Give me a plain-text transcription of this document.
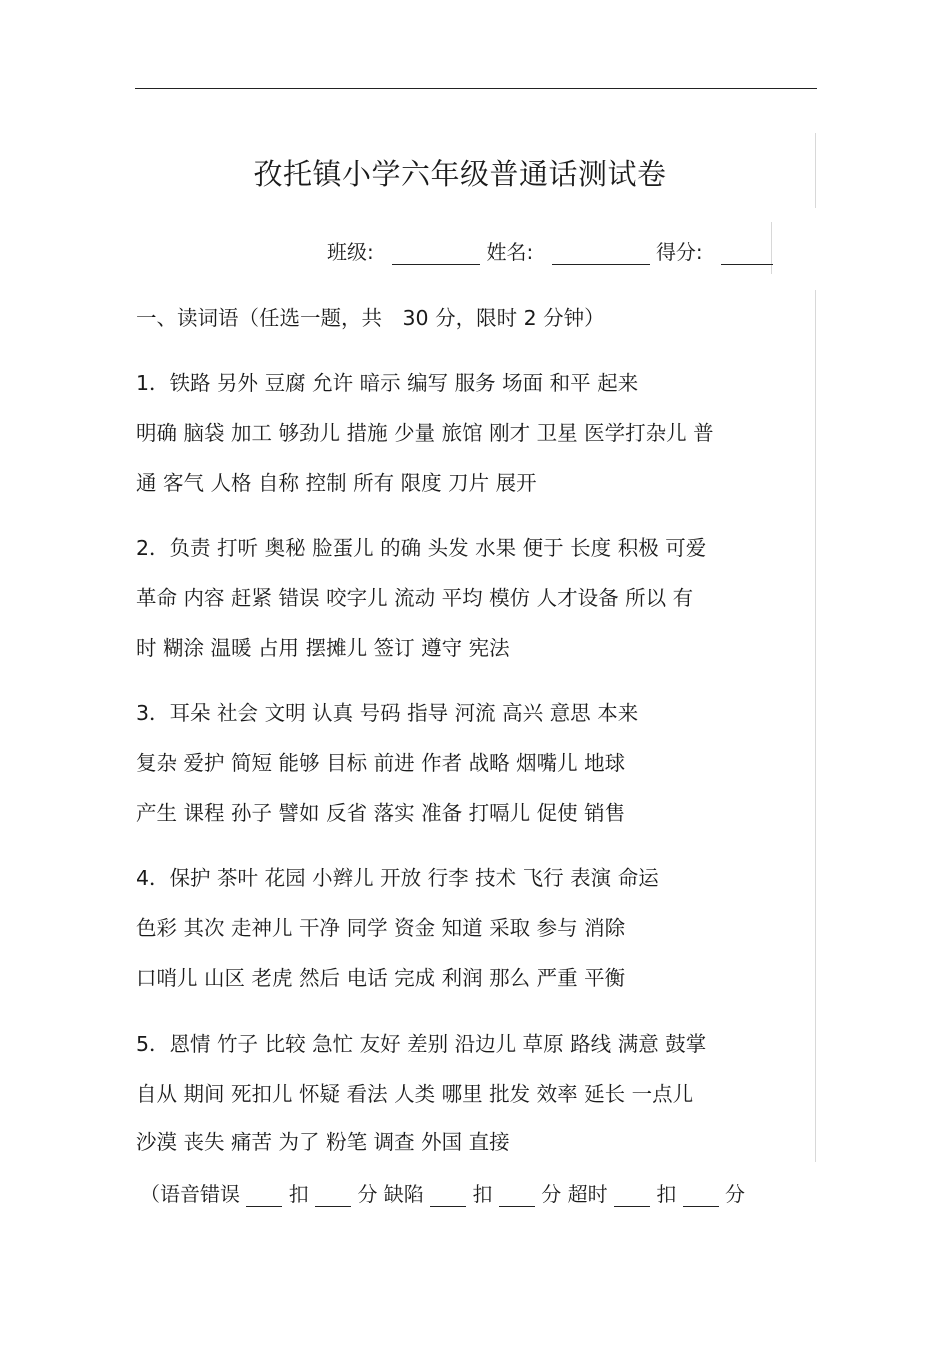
孜托镇小学六年级普通话测试卷
班级:	姓名:	得分:
一、读词语（任选一题，共　30 分，限时 2 分钟）
1．铁路 另外 豆腐 允许 暗示 编写 服务 场面 和平 起来
明确 脑袋 加工 够劲儿 措施 少量 旅馆 刚才 卫星 医学打杂儿 普
通 客气 人格 自称 控制 所有 限度 刀片 展开
2．负责 打听 奥秘 脸蛋儿 的确 头发 水果 便于 长度 积极 可爱
革命 内容 赶紧 错误 咬字儿 流动 平均 模仿 人才设备 所以 有
时 糊涂 温暖 占用 摆摊儿 签订 遵守 宪法
3．耳朵 社会 文明 认真 号码 指导 河流 高兴 意思 本来
复杂 爱护 简短 能够 目标 前进 作者 战略 烟嘴儿 地球
产生 课程 孙子 譬如 反省 落实 准备 打嗝儿 促使 销售
4．保护 茶叶 花园 小辫儿 开放 行李 技术 飞行 表演 命运
色彩 其次 走神儿 干净 同学 资金 知道 采取 参与 消除
口哨儿 山区 老虎 然后 电话 完成 利润 那么 严重 平衡
5．恩情 竹子 比较 急忙 友好 差别 沿边儿 草原 路线 满意 鼓掌
自从 期间 死扣儿 怀疑 看法 人类 哪里 批发 效率 延长 一点儿
沙漠 丧失 痛苦 为了 粉笔 调查 外国 直接
（语音错误 扣 分 缺陷 扣 分 超时 扣 分
